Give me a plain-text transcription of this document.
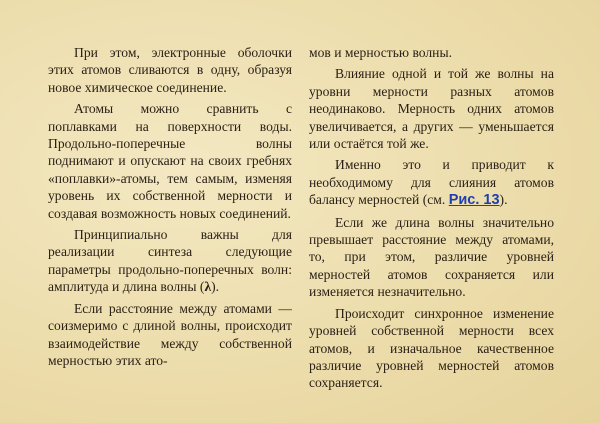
При этом, электронные оболочки этих атомов сливаются в одну, образуя новое химическое соединение.

Атомы можно сравнить с поплавками на поверхности воды. Продольно-поперечные волны поднимают и опускают на своих гребнях «поплавки»-атомы, тем самым, изменяя уровень их собственной мерности и создавая возможность новых соединений.

Принципиально важны для реализации синтеза следующие параметры продольно-поперечных волн: амплитуда и длина волны (λ).

Если расстояние между атомами — соизмеримо с длиной волны, происходит взаимодействие между собственной мерностью этих ато-

мов и мерностью волны.

Влияние одной и той же волны на уровни мерности разных атомов неодинаково. Мерность одних атомов увеличивается, а других — уменьшается или остаётся той же.

Именно это и приводит к необходимому для слияния атомов балансу мерностей (см. Рис. 13).

Если же длина волны значительно превышает расстояние между атомами, то, при этом, различие уровней мерностей атомов сохраняется или изменяется незначительно.

Происходит синхронное изменение уровней собственной мерности всех атомов, и изначальное качественное различие уровней мерностей атомов сохраняется.
